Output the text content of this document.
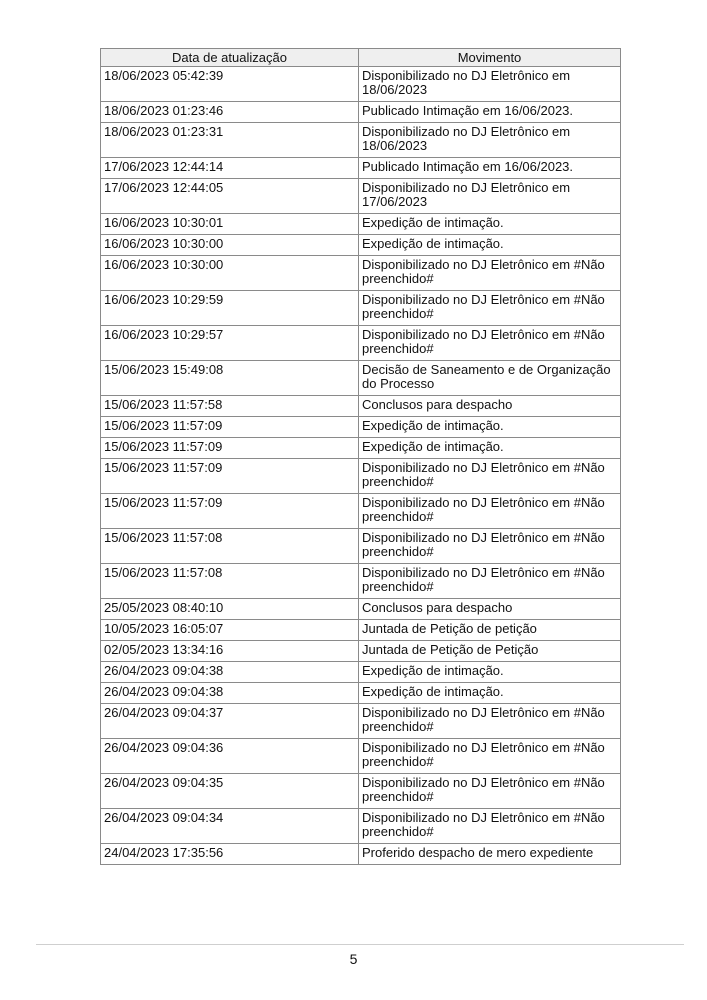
Data de atualização	Movimento
18/06/2023 05:42:39	Disponibilizado no DJ Eletrônico em 18/06/2023
18/06/2023 01:23:46	Publicado Intimação em 16/06/2023.
18/06/2023 01:23:31	Disponibilizado no DJ Eletrônico em 18/06/2023
17/06/2023 12:44:14	Publicado Intimação em 16/06/2023.
17/06/2023 12:44:05	Disponibilizado no DJ Eletrônico em 17/06/2023
16/06/2023 10:30:01	Expedição de intimação.
16/06/2023 10:30:00	Expedição de intimação.
16/06/2023 10:30:00	Disponibilizado no DJ Eletrônico em #Não preenchido#
16/06/2023 10:29:59	Disponibilizado no DJ Eletrônico em #Não preenchido#
16/06/2023 10:29:57	Disponibilizado no DJ Eletrônico em #Não preenchido#
15/06/2023 15:49:08	Decisão de Saneamento e de Organização do Processo
15/06/2023 11:57:58	Conclusos para despacho
15/06/2023 11:57:09	Expedição de intimação.
15/06/2023 11:57:09	Expedição de intimação.
15/06/2023 11:57:09	Disponibilizado no DJ Eletrônico em #Não preenchido#
15/06/2023 11:57:09	Disponibilizado no DJ Eletrônico em #Não preenchido#
15/06/2023 11:57:08	Disponibilizado no DJ Eletrônico em #Não preenchido#
15/06/2023 11:57:08	Disponibilizado no DJ Eletrônico em #Não preenchido#
25/05/2023 08:40:10	Conclusos para despacho
10/05/2023 16:05:07	Juntada de Petição de petição
02/05/2023 13:34:16	Juntada de Petição de Petição
26/04/2023 09:04:38	Expedição de intimação.
26/04/2023 09:04:38	Expedição de intimação.
26/04/2023 09:04:37	Disponibilizado no DJ Eletrônico em #Não preenchido#
26/04/2023 09:04:36	Disponibilizado no DJ Eletrônico em #Não preenchido#
26/04/2023 09:04:35	Disponibilizado no DJ Eletrônico em #Não preenchido#
26/04/2023 09:04:34	Disponibilizado no DJ Eletrônico em #Não preenchido#
24/04/2023 17:35:56	Proferido despacho de mero expediente
5
